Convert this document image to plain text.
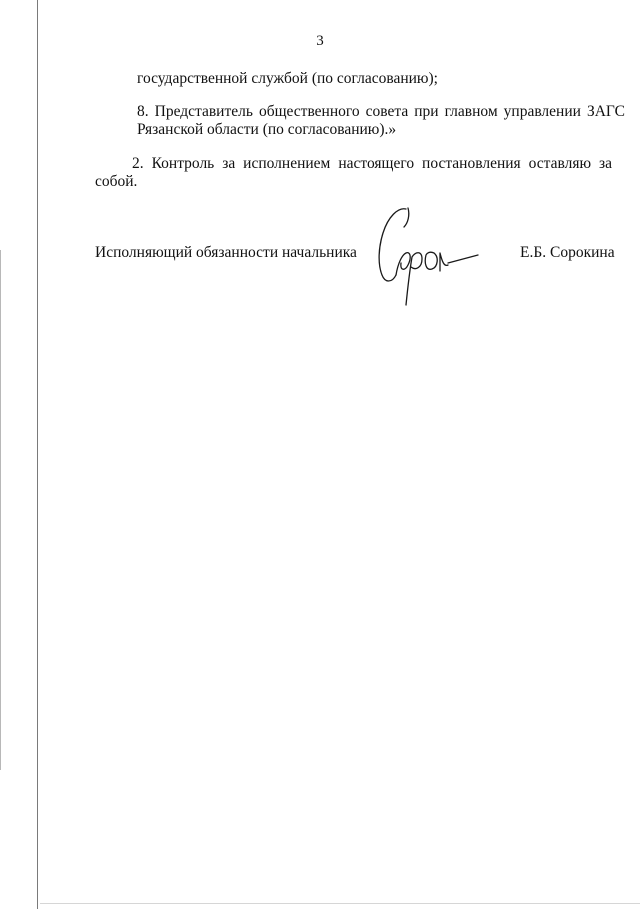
3
государственной службой (по согласованию);
8. Представитель общественного совета при главном управлении ЗАГС
Рязанской области (по согласованию).»
2. Контроль за исполнением настоящего постановления оставляю за
собой.
Исполняющий обязанности начальника	Е.Б. Сорокина
